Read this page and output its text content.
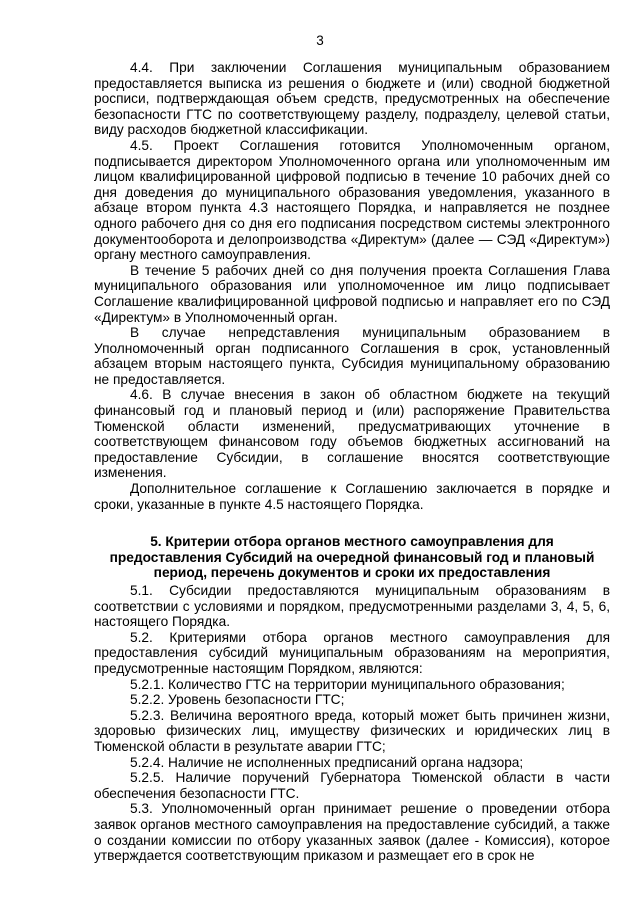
3

4.4. При заключении Соглашения муниципальным образованием предоставляется выписка из решения о бюджете и (или) сводной бюджетной росписи, подтверждающая объем средств, предусмотренных на обеспечение безопасности ГТС по соответствующему разделу, подразделу, целевой статьи, виду расходов бюджетной классификации.

4.5. Проект Соглашения готовится Уполномоченным органом, подписывается директором Уполномоченного органа или уполномоченным им лицом квалифицированной цифровой подписью в течение 10 рабочих дней со дня доведения до муниципального образования уведомления, указанного в абзаце втором пункта 4.3 настоящего Порядка, и направляется не позднее одного рабочего дня со дня его подписания посредством системы электронного документооборота и делопроизводства «Директум» (далее — СЭД «Директум») органу местного самоуправления.

В течение 5 рабочих дней со дня получения проекта Соглашения Глава муниципального образования или уполномоченное им лицо подписывает Соглашение квалифицированной цифровой подписью и направляет его по СЭД «Директум» в Уполномоченный орган.

В случае непредставления муниципальным образованием в Уполномоченный орган подписанного Соглашения в срок, установленный абзацем вторым настоящего пункта, Субсидия муниципальному образованию не предоставляется.

4.6. В случае внесения в закон об областном бюджете на текущий финансовый год и плановый период и (или) распоряжение Правительства Тюменской области изменений, предусматривающих уточнение в соответствующем финансовом году объемов бюджетных ассигнований на предоставление Субсидии, в соглашение вносятся соответствующие изменения.

Дополнительное соглашение к Соглашению заключается в порядке и сроки, указанные в пункте 4.5 настоящего Порядка.

5. Критерии отбора органов местного самоуправления для

предоставления Субсидий на очередной финансовый год и плановый

период, перечень документов и сроки их предоставления

5.1. Субсидии предоставляются муниципальным образованиям в соответствии с условиями и порядком, предусмотренными разделами 3, 4, 5, 6, настоящего Порядка.

5.2. Критериями отбора органов местного самоуправления для предоставления субсидий муниципальным образованиям на мероприятия, предусмотренные настоящим Порядком, являются:

5.2.1. Количество ГТС на территории муниципального образования;

5.2.2. Уровень безопасности ГТС;

5.2.3. Величина вероятного вреда, который может быть причинен жизни, здоровью физических лиц, имуществу физических и юридических лиц в Тюменской области в результате аварии ГТС;

5.2.4. Наличие не исполненных предписаний органа надзора;

5.2.5. Наличие поручений Губернатора Тюменской области в части обеспечения безопасности ГТС.

5.3. Уполномоченный орган принимает решение о проведении отбора заявок органов местного самоуправления на предоставление субсидий, а также о создании комиссии по отбору указанных заявок (далее - Комиссия), которое утверждается соответствующим приказом и размещает его в срок не
